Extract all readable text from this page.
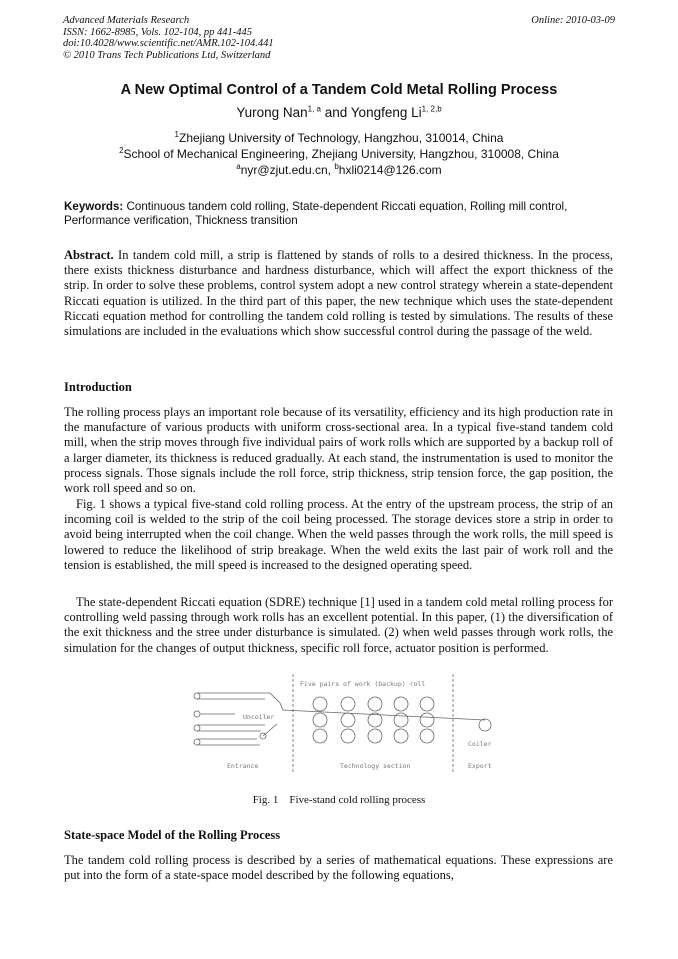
Advanced Materials Research
ISSN: 1662-8985, Vols. 102-104, pp 441-445
doi:10.4028/www.scientific.net/AMR.102-104.441
© 2010 Trans Tech Publications Ltd, Switzerland
Online: 2010-03-09
A New Optimal Control of a Tandem Cold Metal Rolling Process
Yurong Nan$^{1, a}$ and Yongfeng Li$^{1, 2,b}$
$^1$Zhejiang University of Technology, Hangzhou, 310014, China
$^2$School of Mechanical Engineering, Zhejiang University, Hangzhou, 310008, China
$^a$nyr@zjut.edu.cn, $^b$hxli0214@126.com
Keywords: Continuous tandem cold rolling, State-dependent Riccati equation, Rolling mill control, Performance verification, Thickness transition
Abstract. In tandem cold mill, a strip is flattened by stands of rolls to a desired thickness. In the process, there exists thickness disturbance and hardness disturbance, which will affect the export thickness of the strip. In order to solve these problems, control system adopt a new control strategy wherein a state-dependent Riccati equation is utilized. In the third part of this paper, the new technique which uses the state-dependent Riccati equation method for controlling the tandem cold rolling is tested by simulations. The results of these simulations are included in the evaluations which show successful control during the passage of the weld.
Introduction
The rolling process plays an important role because of its versatility, efficiency and its high production rate in the manufacture of various products with uniform cross-sectional area. In a typical five-stand tandem cold mill, when the strip moves through five individual pairs of work rolls which are supported by a backup roll of a larger diameter, its thickness is reduced gradually. At each stand, the instrumentation is used to monitor the process signals. Those signals include the roll force, strip thickness, strip tension force, the gap position, the work roll speed and so on.
Fig. 1 shows a typical five-stand cold rolling process. At the entry of the upstream process, the strip of an incoming coil is welded to the strip of the coil being processed. The storage devices store a strip in order to avoid being interrupted when the coil change. When the weld passes through the work rolls, the mill speed is lowered to reduce the likelihood of strip breakage. When the weld exits the last pair of work roll and the tension is established, the mill speed is increased to the designed operating speed.
The state-dependent Riccati equation (SDRE) technique [1] used in a tandem cold metal rolling process for controlling weld passing through work rolls has an excellent potential. In this paper, (1) the diversification of the exit thickness and the stree under disturbance is simulated. (2) when weld passes through work rolls, the simulation for the changes of output thickness, specific roll force, actuator position is performed.
Five pairs of work (backup) roll
Uncoiler
Coiler
Entrance	Technology section	Export
Fig. 1    Five-stand cold rolling process
State-space Model of the Rolling Process
The tandem cold rolling process is described by a series of mathematical equations. These expressions are put into the form of a state-space model described by the following equations,
